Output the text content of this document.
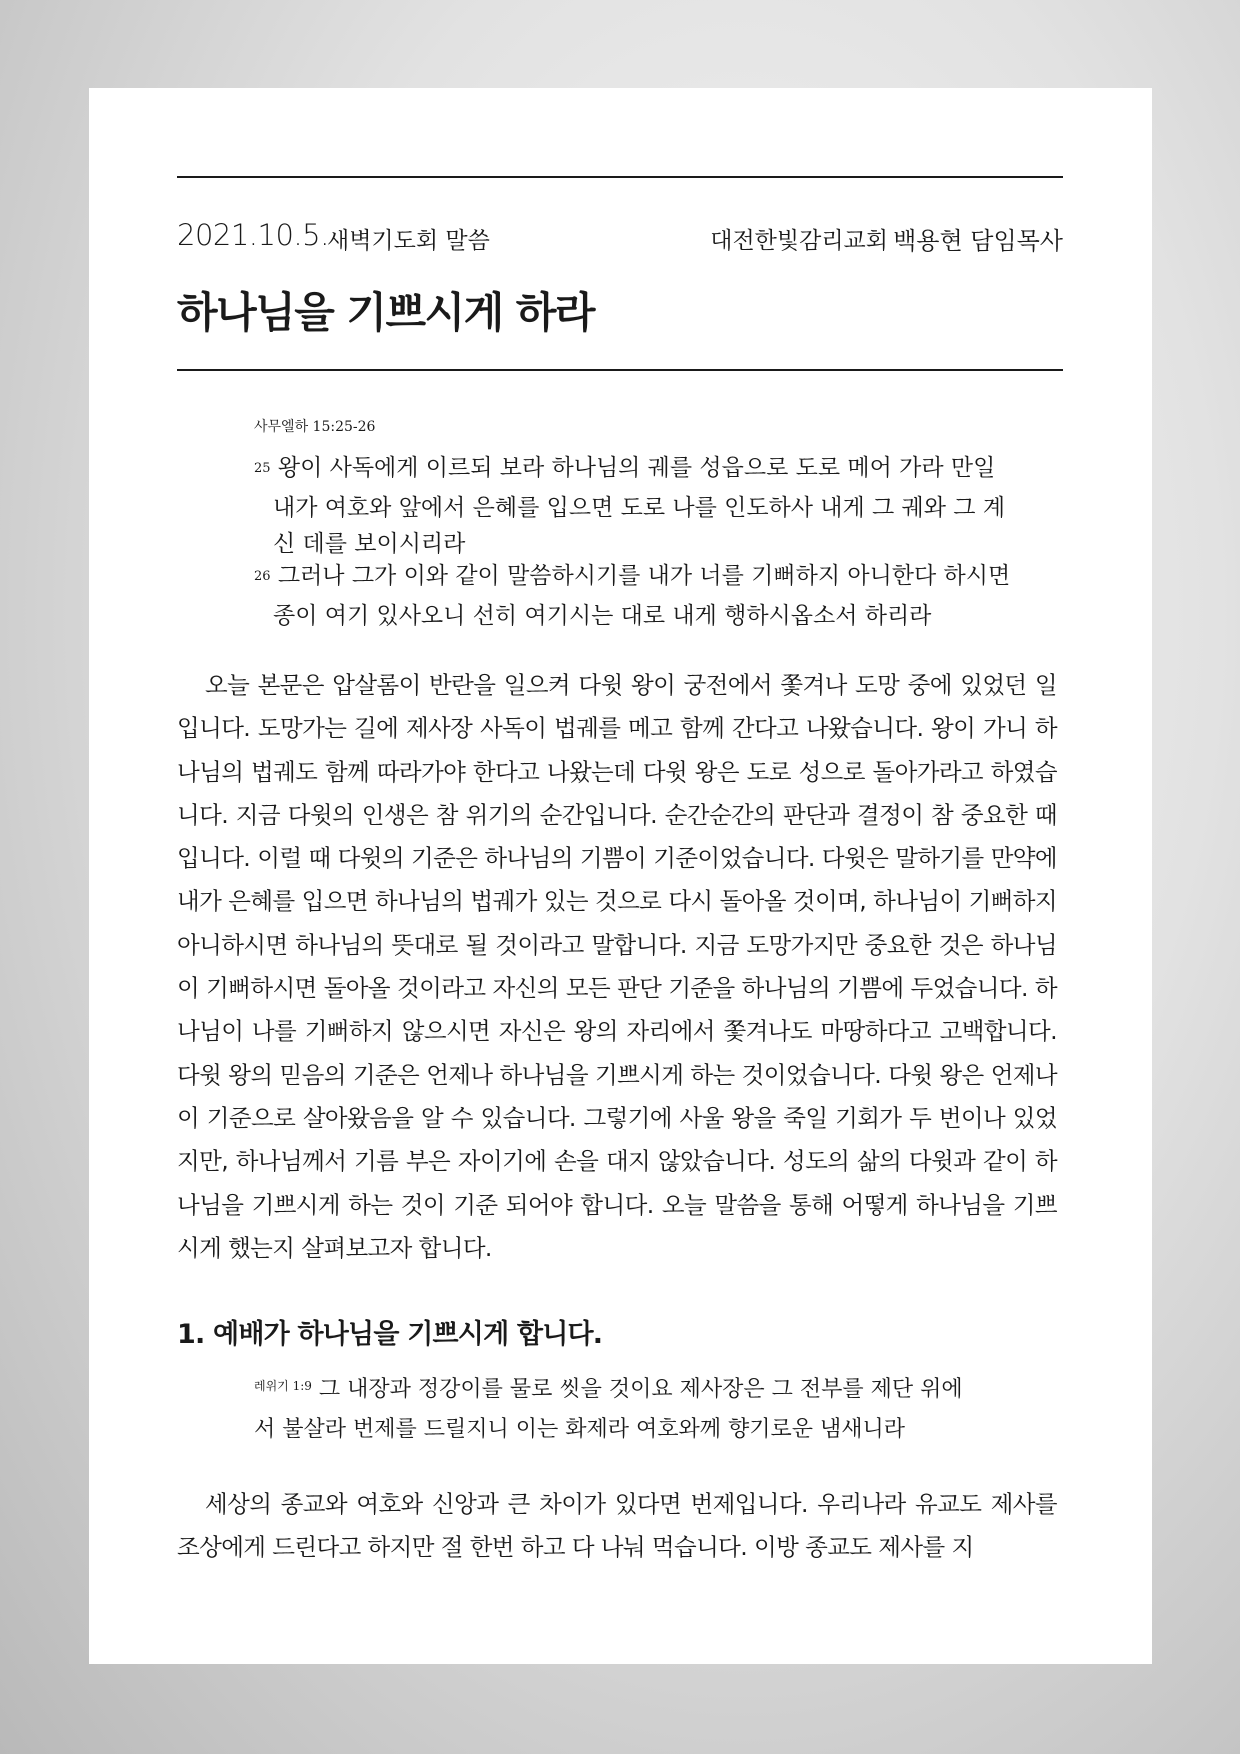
2021.10.5.
새벽기도회 말씀	대전한빛감리교회 백용현 담임목사
하나님을 기쁘시게 하라
사무엘하 15:25-26
$^{25}$ 왕이 사독에게 이르되 보라 하나님의 궤를 성읍으로 도로 메어 가라 만일
내가 여호와 앞에서 은혜를 입으면 도로 나를 인도하사 내게 그 궤와 그 계
신 데를 보이시리라
$^{26}$ 그러나 그가 이와 같이 말씀하시기를 내가 너를 기뻐하지 아니한다 하시면
종이 여기 있사오니 선히 여기시는 대로 내게 행하시옵소서 하리라

오늘 본문은 압살롬이 반란을 일으켜 다윗 왕이 궁전에서 쫓겨나 도망 중에 있었던 일입니다. 도망가는 길에 제사장 사독이 법궤를 메고 함께 간다고 나왔습니다. 왕이 가니 하나님의 법궤도 함께 따라가야 한다고 나왔는데 다윗 왕은 도로 성으로 돌아가라고 하였습니다. 지금 다윗의 인생은 참 위기의 순간입니다. 순간순간의 판단과 결정이 참 중요한 때입니다. 이럴 때 다윗의 기준은 하나님의 기쁨이 기준이었습니다. 다윗은 말하기를 만약에 내가 은혜를 입으면 하나님의 법궤가 있는 것으로 다시 돌아올 것이며, 하나님이 기뻐하지 아니하시면 하나님의 뜻대로 될 것이라고 말합니다. 지금 도망가지만 중요한 것은 하나님이 기뻐하시면 돌아올 것이라고 자신의 모든 판단 기준을 하나님의 기쁨에 두었습니다. 하나님이 나를 기뻐하지 않으시면 자신은 왕의 자리에서 쫓겨나도 마땅하다고 고백합니다. 다윗 왕의 믿음의 기준은 언제나 하나님을 기쁘시게 하는 것이었습니다. 다윗 왕은 언제나 이 기준으로 살아왔음을 알 수 있습니다. 그렇기에 사울 왕을 죽일 기회가 두 번이나 있었지만, 하나님께서 기름 부은 자이기에 손을 대지 않았습니다. 성도의 삶의 다윗과 같이 하나님을 기쁘시게 하는 것이 기준 되어야 합니다. 오늘 말씀을 통해 어떻게 하나님을 기쁘시게 했는지 살펴보고자 합니다.

1. 예배가 하나님을 기쁘시게 합니다.
$^{레위기 1:9}$ 그 내장과 정강이를 물로 씻을 것이요 제사장은 그 전부를 제단 위에
서 불살라 번제를 드릴지니 이는 화제라 여호와께 향기로운 냄새니라

세상의 종교와 여호와 신앙과 큰 차이가 있다면 번제입니다. 우리나라 유교도 제사를 조상에게 드린다고 하지만 절 한번 하고 다 나눠 먹습니다. 이방 종교도 제사를 지
